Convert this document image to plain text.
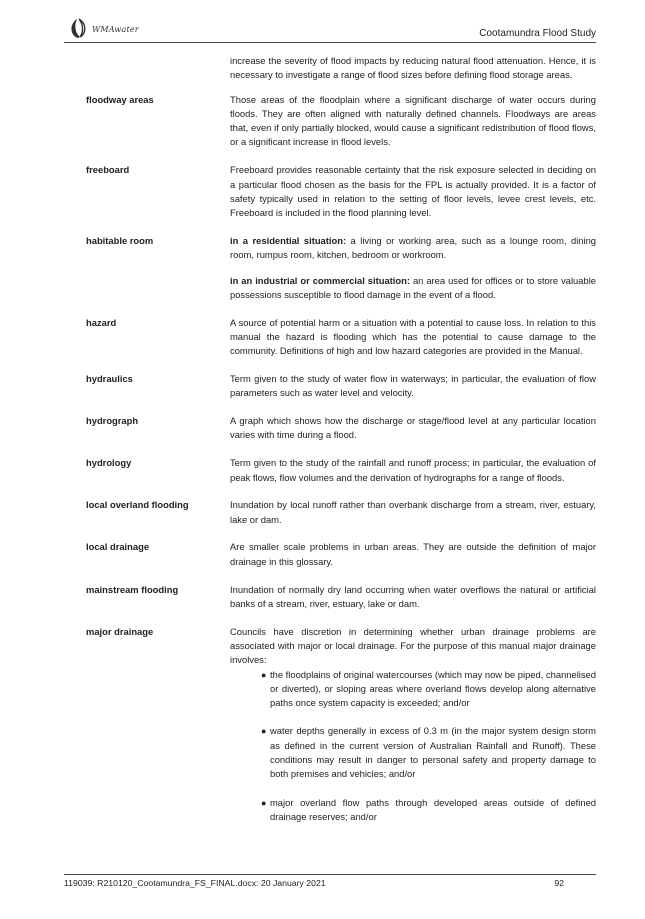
WMAwater	Cootamundra Flood Study
increase the severity of flood impacts by reducing natural flood attenuation. Hence, it is necessary to investigate a range of flood sizes before defining flood storage areas.
floodway areas	Those areas of the floodplain where a significant discharge of water occurs during floods. They are often aligned with naturally defined channels. Floodways are areas that, even if only partially blocked, would cause a significant redistribution of flood flows, or a significant increase in flood levels.
freeboard	Freeboard provides reasonable certainty that the risk exposure selected in deciding on a particular flood chosen as the basis for the FPL is actually provided. It is a factor of safety typically used in relation to the setting of floor levels, levee crest levels, etc. Freeboard is included in the flood planning level.
habitable room	in a residential situation: a living or working area, such as a lounge room, dining room, rumpus room, kitchen, bedroom or workroom.

in an industrial or commercial situation: an area used for offices or to store valuable possessions susceptible to flood damage in the event of a flood.

hazard	A source of potential harm or a situation with a potential to cause loss. In relation to this manual the hazard is flooding which has the potential to cause damage to the community. Definitions of high and low hazard categories are provided in the Manual.
hydraulics	Term given to the study of water flow in waterways; in particular, the evaluation of flow parameters such as water level and velocity.
hydrograph	A graph which shows how the discharge or stage/flood level at any particular location varies with time during a flood.
hydrology	Term given to the study of the rainfall and runoff process; in particular, the evaluation of peak flows, flow volumes and the derivation of hydrographs for a range of floods.
local overland flooding	Inundation by local runoff rather than overbank discharge from a stream, river, estuary, lake or dam.
local drainage	Are smaller scale problems in urban areas. They are outside the definition of major drainage in this glossary.
mainstream flooding	Inundation of normally dry land occurring when water overflows the natural or artificial banks of a stream, river, estuary, lake or dam.
major drainage	Councils have discretion in determining whether urban drainage problems are associated with major or local drainage. For the purpose of this manual major drainage involves:

● the floodplains of original watercourses (which may now be piped, channelised or diverted), or sloping areas where overland flows develop along alternative paths once system capacity is exceeded; and/or
● water depths generally in excess of 0.3 m (in the major system design storm as defined in the current version of Australian Rainfall and Runoff). These conditions may result in danger to personal safety and property damage to both premises and vehicles; and/or
● major overland flow paths through developed areas outside of defined drainage reserves; and/or
119039: R210120_Cootamundra_FS_FINAL.docx: 20 January 2021	92
